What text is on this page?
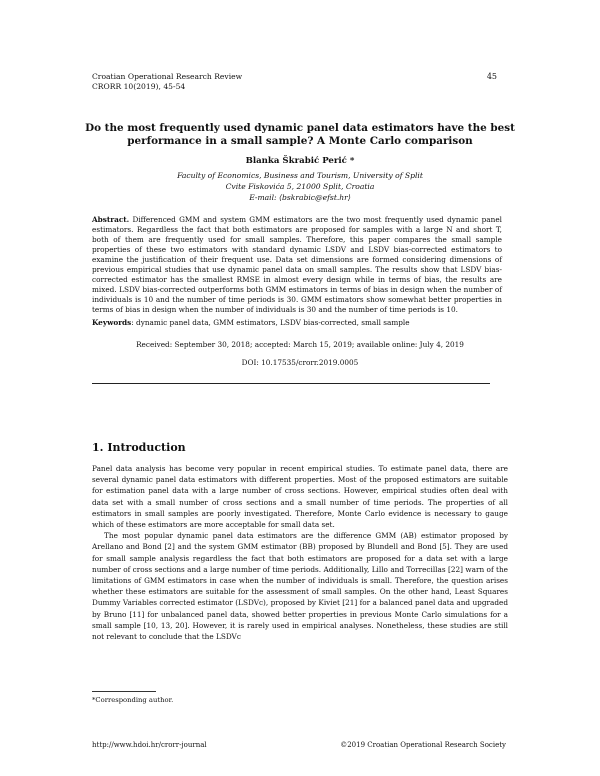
Croatian Operational Research Review
CRORR 10(2019), 45-54
45
Do the most frequently used dynamic panel data estimators have the best performance in a small sample? A Monte Carlo comparison
Blanka Škrabić Perić *
Faculty of Economics, Business and Tourism, University of Split
Cvite Fiskovića 5, 21000 Split, Croatia
E-mail: ⟨bskrabic@efst.hr⟩
Abstract. Differenced GMM and system GMM estimators are the two most frequently used dynamic panel estimators. Regardless the fact that both estimators are proposed for samples with a large N and short T, both of them are frequently used for small samples. Therefore, this paper compares the small sample properties of these two estimators with standard dynamic LSDV and LSDV bias-corrected estimators to examine the justification of their frequent use. Data set dimensions are formed considering dimensions of previous empirical studies that use dynamic panel data on small samples. The results show that LSDV bias-corrected estimator has the smallest RMSE in almost every design while in terms of bias, the results are mixed. LSDV bias-corrected outperforms both GMM estimators in terms of bias in design when the number of individuals is 10 and the number of time periods is 30. GMM estimators show somewhat better properties in terms of bias in design when the number of individuals is 30 and the number of time periods is 10.
Keywords: dynamic panel data, GMM estimators, LSDV bias-corrected, small sample
Received: September 30, 2018; accepted: March 15, 2019; available online: July 4, 2019
DOI: 10.17535/crorr.2019.0005
1. Introduction

Panel data analysis has become very popular in recent empirical studies. To estimate panel data, there are several dynamic panel data estimators with different properties. Most of the proposed estimators are suitable for estimation panel data with a large number of cross sections. However, empirical studies often deal with data set with a small number of cross sections and a small number of time periods. The properties of all estimators in small samples are poorly investigated. Therefore, Monte Carlo evidence is necessary to gauge which of these estimators are more acceptable for small data set.

The most popular dynamic panel data estimators are the difference GMM (AB) estimator proposed by Arellano and Bond [2] and the system GMM estimator (BB) proposed by Blundell and Bond [5]. They are used for small sample analysis regardless the fact that both estimators are proposed for a data set with a large number of cross sections and a large number of time periods. Additionally, Lillo and Torrecillas [22] warn of the limitations of GMM estimators in case when the number of individuals is small. Therefore, the question arises whether these estimators are suitable for the assessment of small samples. On the other hand, Least Squares Dummy Variables corrected estimator (LSDVc), proposed by Kiviet [21] for a balanced panel data and upgraded by Bruno [11] for unbalanced panel data, showed better properties in previous Monte Carlo simulations for a small sample [10, 13, 20]. However, it is rarely used in empirical analyses. Nonetheless, these studies are still not relevant to conclude that the LSDVc

*Corresponding author.
http://www.hdoi.hr/crorr-journal	©2019 Croatian Operational Research Society
